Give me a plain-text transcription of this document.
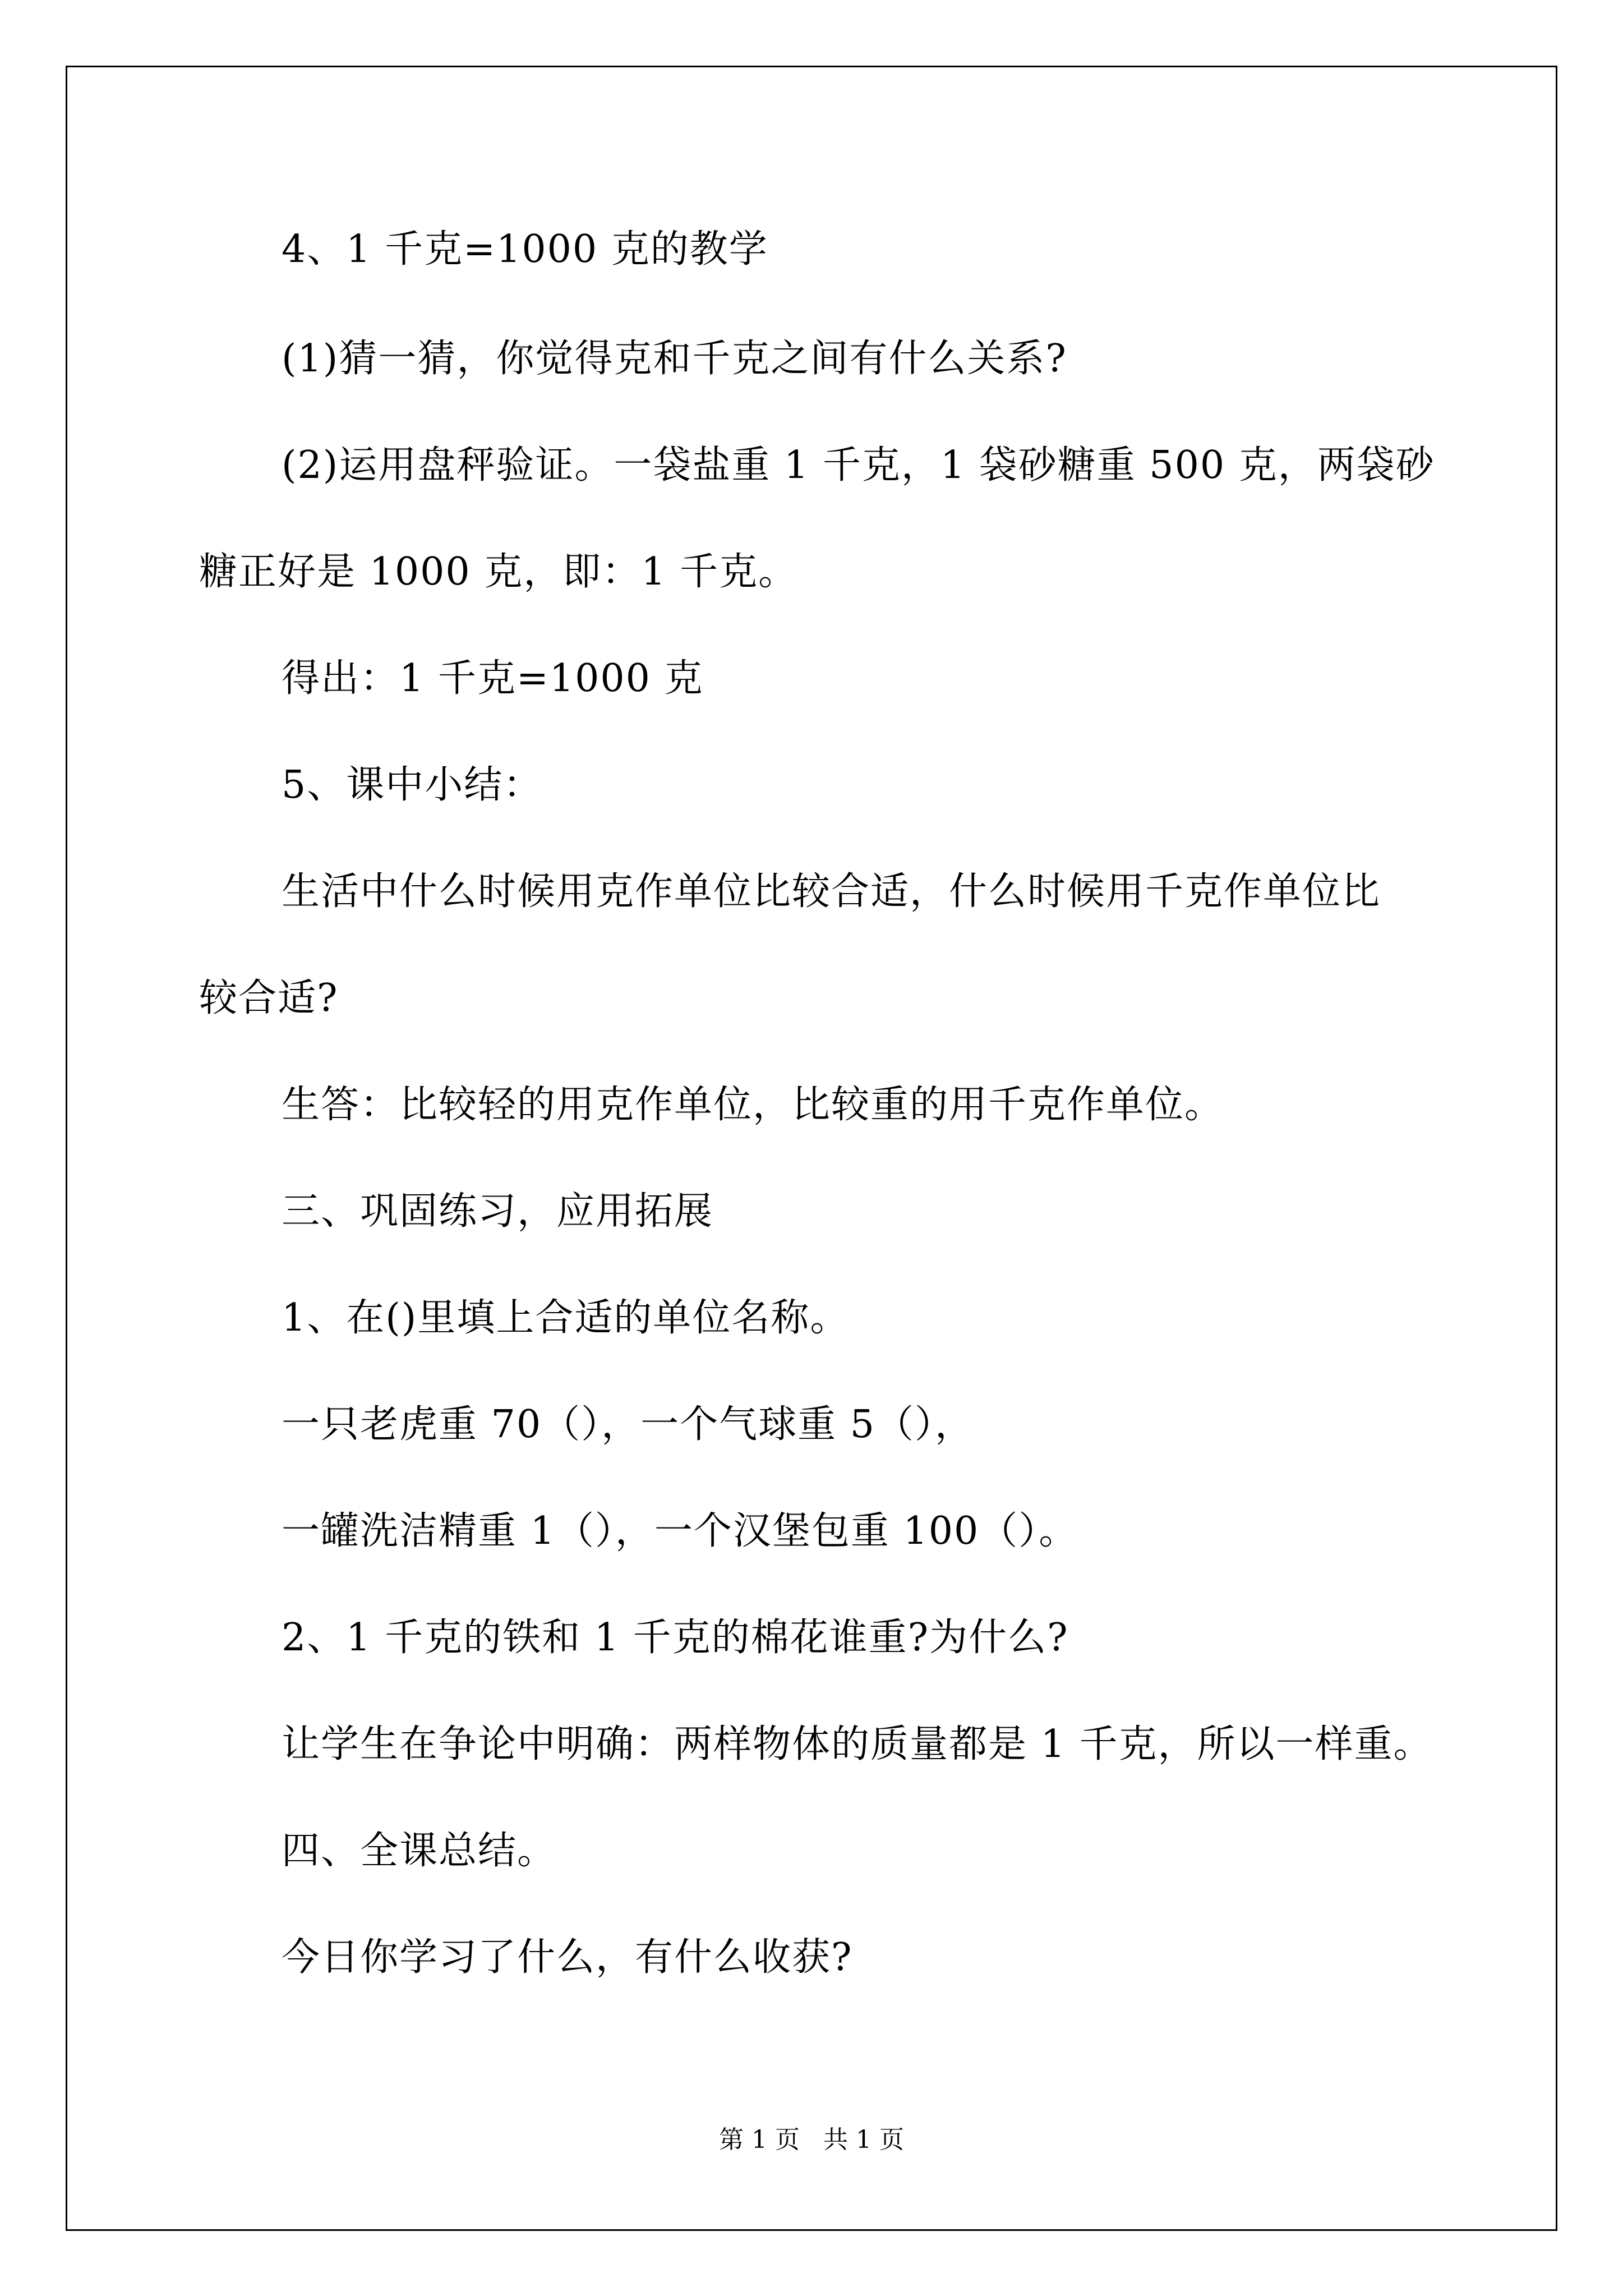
4、1 千克=1000 克的教学
(1)猜一猜，你觉得克和千克之间有什么关系?
(2)运用盘秤验证。一袋盐重 1 千克，1 袋砂糖重 500 克，两袋砂
糖正好是 1000 克，即：1 千克。
得出：1 千克=1000 克
5、课中小结：
生活中什么时候用克作单位比较合适，什么时候用千克作单位比
较合适?
生答：比较轻的用克作单位，比较重的用千克作单位。
三、巩固练习，应用拓展
1、在()里填上合适的单位名称。
一只老虎重 70（），一个气球重 5（），
一罐洗洁精重 1（），一个汉堡包重 100（）。
2、1 千克的铁和 1 千克的棉花谁重?为什么?
让学生在争论中明确：两样物体的质量都是 1 千克，所以一样重。
四、全课总结。
今日你学习了什么，有什么收获?
第 1 页   共 1 页
